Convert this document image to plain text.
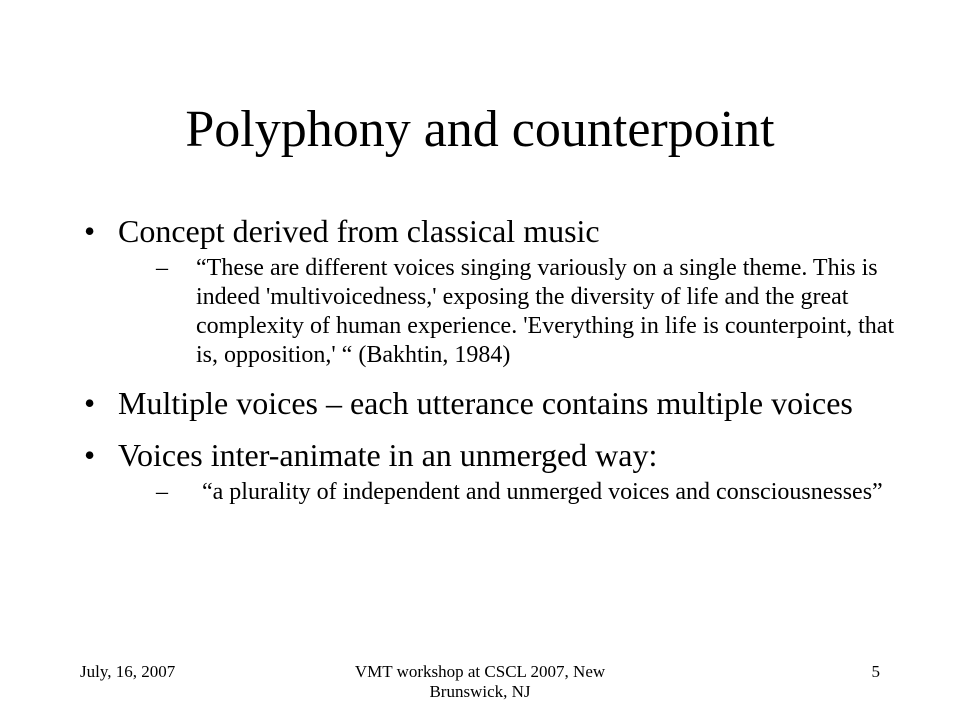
Polyphony and counterpoint
• Concept derived from classical music
– “These are different voices singing variously on a single theme. This is indeed 'multivoicedness,' exposing the diversity of life and the great complexity of human experience. 'Everything in life is counterpoint, that is, opposition,' “ (Bakhtin, 1984)
• Multiple voices – each utterance contains multiple voices
• Voices inter-animate in an unmerged way:
– “a plurality of independent and unmerged voices and consciousnesses”
July, 16, 2007	VMT workshop at CSCL 2007, New Brunswick, NJ
5
